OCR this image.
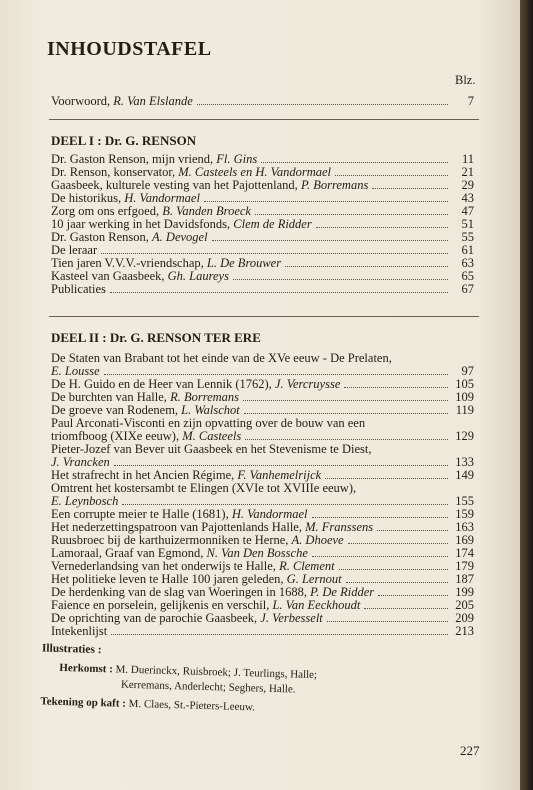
INHOUDSTAFEL
Blz.
Voorwoord, R. Van Elslande	7
DEEL I : Dr. G. RENSON
Dr. Gaston Renson, mijn vriend, Fl. Gins	11
Dr. Renson, konservator, M. Casteels en H. Vandormael	21
Gaasbeek, kulturele vesting van het Pajottenland, P. Borremans	29
De historikus, H. Vandormael	43
Zorg om ons erfgoed, B. Vanden Broeck	47
10 jaar werking in het Davidsfonds, Clem de Ridder	51
Dr. Gaston Renson, A. Devogel	55
De leraar	61
Tien jaren V.V.V.-vriendschap, L. De Brouwer	63
Kasteel van Gaasbeek, Gh. Laureys	65
Publicaties	67
DEEL II : Dr. G. RENSON TER ERE
De Staten van Brabant tot het einde van de XVe eeuw - De Prelaten,
E. Lousse	97
De H. Guido en de Heer van Lennik (1762), J. Vercruysse	105
De burchten van Halle, R. Borremans	109
De groeve van Rodenem, L. Walschot	119
Paul Arconati-Visconti en zijn opvatting over de bouw van een
triomfboog (XIXe eeuw), M. Casteels	129
Pieter-Jozef van Bever uit Gaasbeek en het Stevenisme te Diest,
J. Vrancken	133
Het strafrecht in het Ancien Régime, F. Vanhemelrijck	149
Omtrent het kostersambt te Elingen (XVIe tot XVIIIe eeuw),
E. Leynbosch	155
Een corrupte meier te Halle (1681), H. Vandormael	159
Het nederzettingspatroon van Pajottenlands Halle, M. Franssens	163
Ruusbroec bij de karthuizermonniken te Herne, A. Dhoeve	169
Lamoraal, Graaf van Egmond, N. Van Den Bossche	174
Vernederlandsing van het onderwijs te Halle, R. Clement	179
Het politieke leven te Halle 100 jaren geleden, G. Lernout	187
De herdenking van de slag van Woeringen in 1688, P. De Ridder	199
Faience en porselein, gelijkenis en verschil, L. Van Eeckhoudt	205
De oprichting van de parochie Gaasbeek, J. Verbesselt	209
Intekenlijst	213
Illustraties :
Herkomst : M. Duerinckx, Ruisbroek; J. Teurlings, Halle;
Kerremans, Anderlecht; Seghers, Halle.
Tekening op kaft : M. Claes, St.-Pieters-Leeuw.
227
